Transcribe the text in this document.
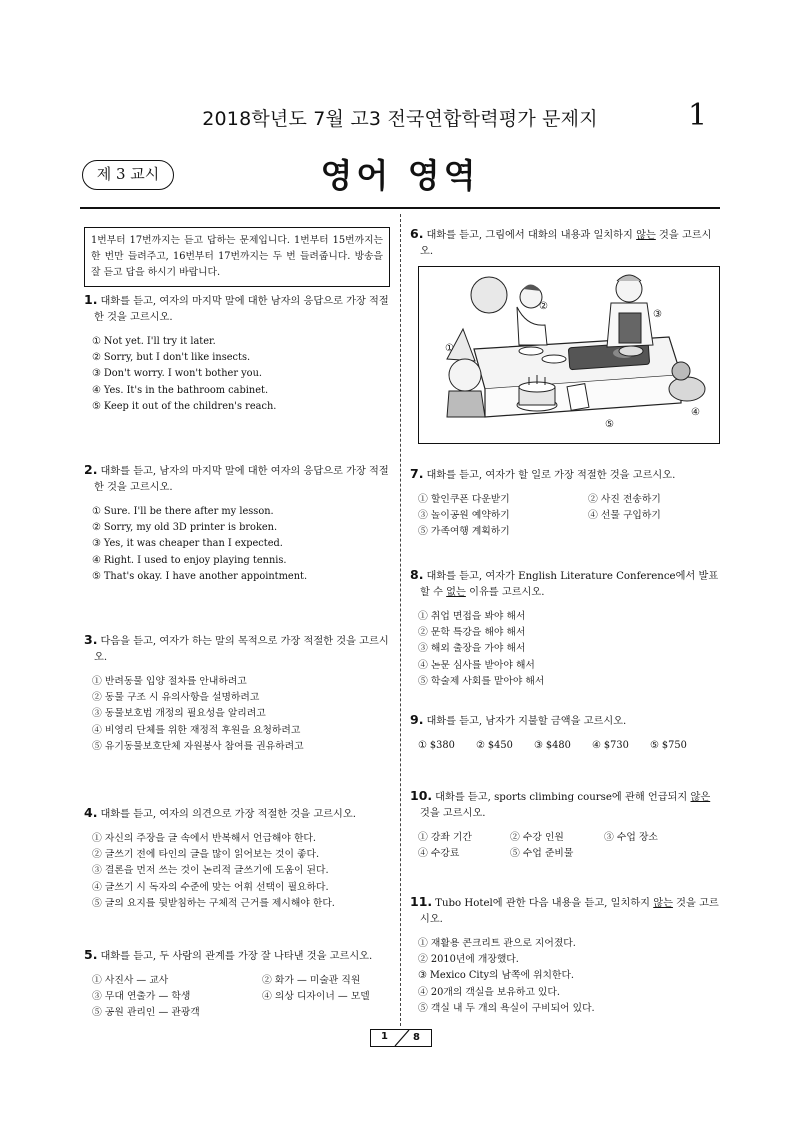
2018학년도 7월 고3 전국연합학력평가 문제지	1
제 3 교시	영어 영역
1번부터 17번까지는 듣고 답하는 문제입니다. 1번부터 15번까지는 한 번만 들려주고, 16번부터 17번까지는 두 번 들려줍니다. 방송을 잘 듣고 답을 하시기 바랍니다.
1. 대화를 듣고, 여자의 마지막 말에 대한 남자의 응답으로 가장 적절한 것을 고르시오.
① Not yet. I'll try it later.
② Sorry, but I don't like insects.
③ Don't worry. I won't bother you.
④ Yes. It's in the bathroom cabinet.
⑤ Keep it out of the children's reach.
2. 대화를 듣고, 남자의 마지막 말에 대한 여자의 응답으로 가장 적절한 것을 고르시오.
① Sure. I'll be there after my lesson.
② Sorry, my old 3D printer is broken.
③ Yes, it was cheaper than I expected.
④ Right. I used to enjoy playing tennis.
⑤ That's okay. I have another appointment.
3. 다음을 듣고, 여자가 하는 말의 목적으로 가장 적절한 것을 고르시오.
① 반려동물 입양 절차를 안내하려고
② 동물 구조 시 유의사항을 설명하려고
③ 동물보호법 개정의 필요성을 알리려고
④ 비영리 단체를 위한 재정적 후원을 요청하려고
⑤ 유기동물보호단체 자원봉사 참여를 권유하려고
4. 대화를 듣고, 여자의 의견으로 가장 적절한 것을 고르시오.
① 자신의 주장을 글 속에서 반복해서 언급해야 한다.
② 글쓰기 전에 타인의 글을 많이 읽어보는 것이 좋다.
③ 결론을 먼저 쓰는 것이 논리적 글쓰기에 도움이 된다.
④ 글쓰기 시 독자의 수준에 맞는 어휘 선택이 필요하다.
⑤ 글의 요지를 뒷받침하는 구체적 근거를 제시해야 한다.
5. 대화를 듣고, 두 사람의 관계를 가장 잘 나타낸 것을 고르시오.
① 사진사 — 교사	② 화가 — 미술관 직원
③ 무대 연출가 — 학생	④ 의상 디자이너 — 모델
⑤ 공원 관리인 — 관광객
6. 대화를 듣고, 그림에서 대화의 내용과 일치하지 않는 것을 고르시오.
①
②
③
④
⑤
7. 대화를 듣고, 여자가 할 일로 가장 적절한 것을 고르시오.
① 할인쿠폰 다운받기	② 사진 전송하기
③ 놀이공원 예약하기	④ 선물 구입하기
⑤ 가족여행 계획하기
8. 대화를 듣고, 여자가 English Literature Conference에서 발표할 수 없는 이유를 고르시오.
① 취업 면접을 봐야 해서
② 문학 특강을 해야 해서
③ 해외 출장을 가야 해서
④ 논문 심사를 받아야 해서
⑤ 학술제 사회를 맡아야 해서
9. 대화를 듣고, 남자가 지불할 금액을 고르시오.
① $380	② $450	③ $480	④ $730	⑤ $750
10. 대화를 듣고, sports climbing course에 관해 언급되지 않은 것을 고르시오.
① 강좌 기간	② 수강 인원	③ 수업 장소
④ 수강료	⑤ 수업 준비물
11. Tubo Hotel에 관한 다음 내용을 듣고, 일치하지 않는 것을 고르시오.
① 재활용 콘크리트 관으로 지어졌다.
② 2010년에 개장했다.
③ Mexico City의 남쪽에 위치한다.
④ 20개의 객실을 보유하고 있다.
⑤ 객실 내 두 개의 욕실이 구비되어 있다.
1	8
